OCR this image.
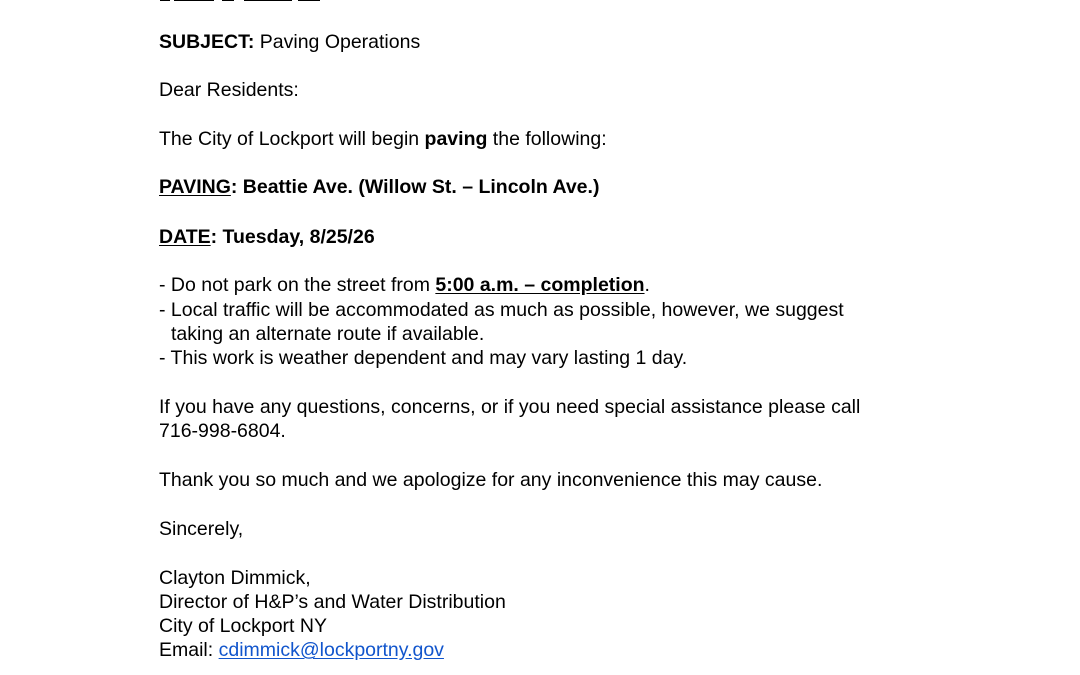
SUBJECT: Paving Operations
Dear Residents:
The City of Lockport will begin paving the following:
PAVING: Beattie Ave. (Willow St. – Lincoln Ave.)
DATE: Tuesday, 8/25/26
- Do not park on the street from 5:00 a.m. – completion.
- Local traffic will be accommodated as much as possible, however, we suggest
taking an alternate route if available.
- This work is weather dependent and may vary lasting 1 day.
If you have any questions, concerns, or if you need special assistance please call
716-998-6804.
Thank you so much and we apologize for any inconvenience this may cause.
Sincerely,
Clayton Dimmick,
Director of H&P’s and Water Distribution
City of Lockport NY
Email: cdimmick@lockportny.gov
